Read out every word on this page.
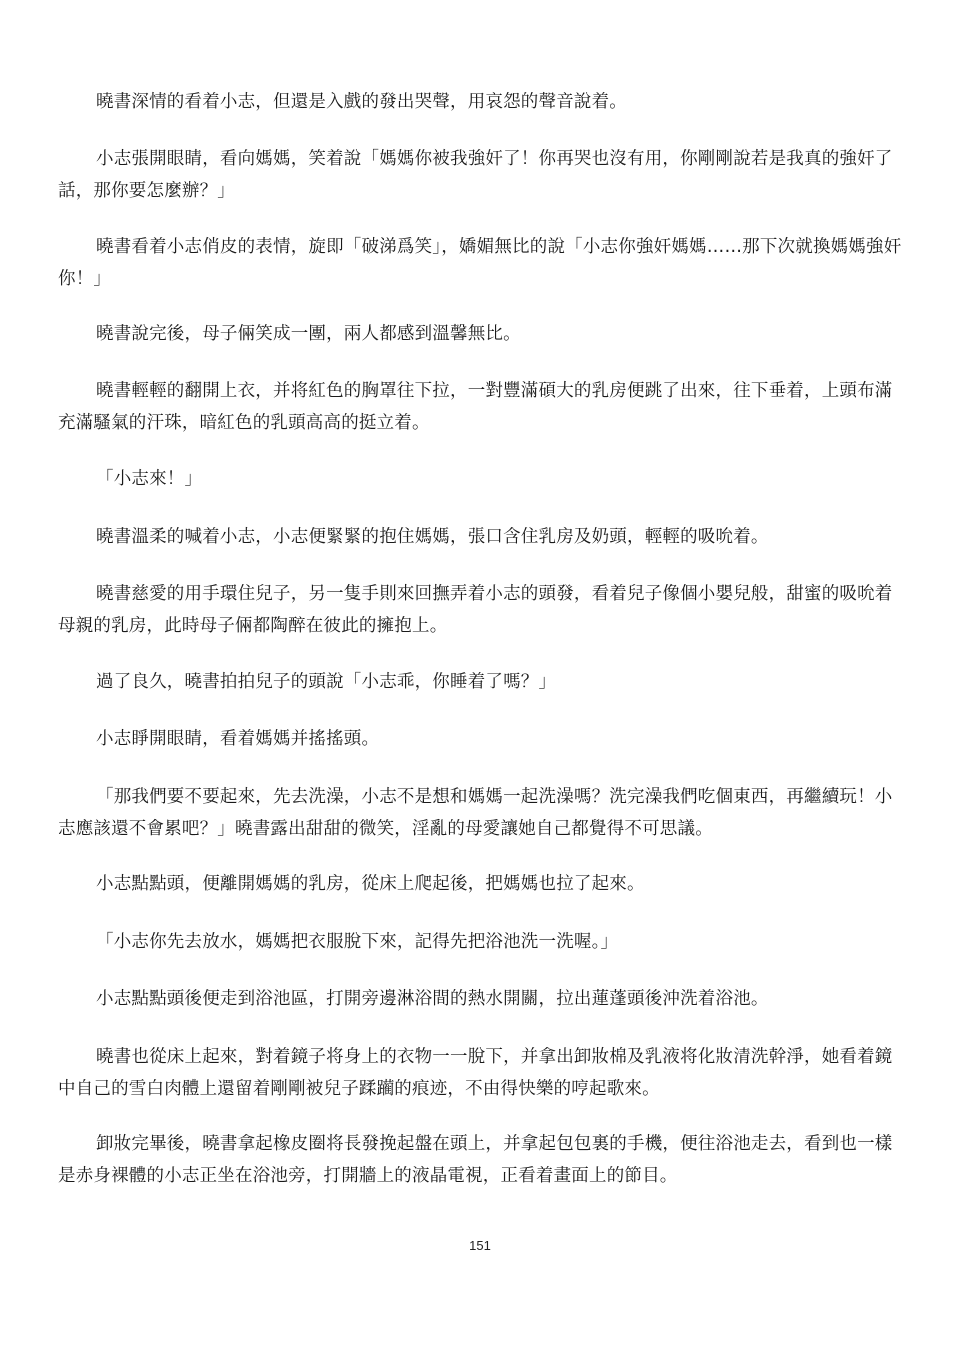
曉書深情的看着小志，但還是入戲的發出哭聲，用哀怨的聲音說着。

小志張開眼睛，看向媽媽，笑着說「媽媽你被我強奸了！你再哭也沒有用，你剛剛說若是我真的強奸了話，那你要怎麼辦？」

曉書看着小志俏皮的表情，旋即「破涕爲笑」，嬌媚無比的說「小志你強奸媽媽……那下次就換媽媽強奸你！」

曉書說完後，母子倆笑成一團，兩人都感到溫馨無比。

曉書輕輕的翻開上衣，并将紅色的胸罩往下拉，一對豐滿碩大的乳房便跳了出來，往下垂着，上頭布滿充滿騷氣的汗珠，暗紅色的乳頭高高的挺立着。

「小志來！」

曉書溫柔的喊着小志，小志便緊緊的抱住媽媽，張口含住乳房及奶頭，輕輕的吸吮着。

曉書慈愛的用手環住兒子，另一隻手則來回撫弄着小志的頭發，看着兒子像個小嬰兒般，甜蜜的吸吮着母親的乳房，此時母子倆都陶醉在彼此的擁抱上。

過了良久，曉書拍拍兒子的頭說「小志乖，你睡着了嗎？」

小志睜開眼睛，看着媽媽并搖搖頭。

「那我們要不要起來，先去洗澡，小志不是想和媽媽一起洗澡嗎？洗完澡我們吃個東西，再繼續玩！小志應該還不會累吧？」曉書露出甜甜的微笑，淫亂的母愛讓她自己都覺得不可思議。

小志點點頭，便離開媽媽的乳房，從床上爬起後，把媽媽也拉了起來。

「小志你先去放水，媽媽把衣服脫下來，記得先把浴池洗一洗喔。」

小志點點頭後便走到浴池區，打開旁邊淋浴間的熱水開關，拉出蓮蓬頭後沖洗着浴池。

曉書也從床上起來，對着鏡子将身上的衣物一一脫下，并拿出卸妝棉及乳液将化妝清洗幹淨，她看着鏡中自己的雪白肉體上還留着剛剛被兒子蹂躏的痕迹，不由得快樂的哼起歌來。

卸妝完畢後，曉書拿起橡皮圈将長發挽起盤在頭上，并拿起包包裏的手機，便往浴池走去，看到也一樣是赤身裸體的小志正坐在浴池旁，打開牆上的液晶電視，正看着畫面上的節目。

151
